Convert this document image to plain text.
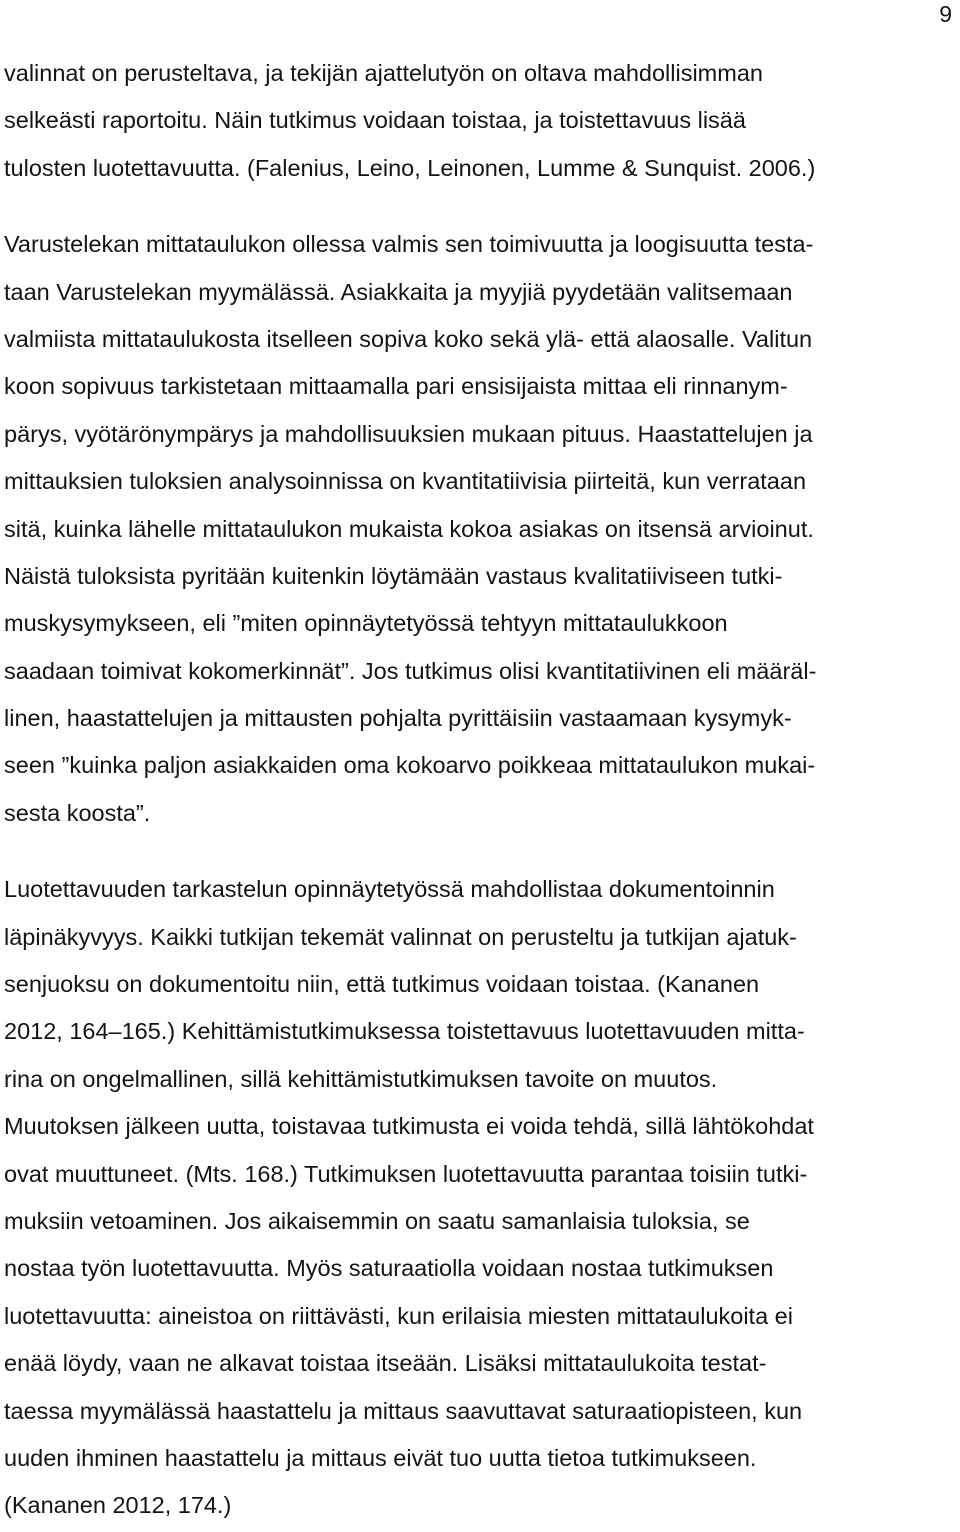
9
valinnat on perusteltava, ja tekijän ajattelutyön on oltava mahdollisimman
selkeästi raportoitu. Näin tutkimus voidaan toistaa, ja toistettavuus lisää
tulosten luotettavuutta. (Falenius, Leino, Leinonen, Lumme & Sunquist. 2006.)
Varustelekan mittataulukon ollessa valmis sen toimivuutta ja loogisuutta testa-
taan Varustelekan myymälässä. Asiakkaita ja myyjiä pyydetään valitsemaan
valmiista mittataulukosta itselleen sopiva koko sekä ylä- että alaosalle. Valitun
koon sopivuus tarkistetaan mittaamalla pari ensisijaista mittaa eli rinnanym-
pärys, vyötärönympärys ja mahdollisuuksien mukaan pituus. Haastattelujen ja
mittauksien tuloksien analysoinnissa on kvantitatiivisia piirteitä, kun verrataan
sitä, kuinka lähelle mittataulukon mukaista kokoa asiakas on itsensä arvioinut.
Näistä tuloksista pyritään kuitenkin löytämään vastaus kvalitatiiviseen tutki-
muskysymykseen, eli ”miten opinnäytetyössä tehtyyn mittataulukkoon
saadaan toimivat kokomerkinnät”. Jos tutkimus olisi kvantitatiivinen eli määräl-
linen, haastattelujen ja mittausten pohjalta pyrittäisiin vastaamaan kysymyk-
seen ”kuinka paljon asiakkaiden oma kokoarvo poikkeaa mittataulukon mukai-
sesta koosta”.
Luotettavuuden tarkastelun opinnäytetyössä mahdollistaa dokumentoinnin
läpinäkyvyys. Kaikki tutkijan tekemät valinnat on perusteltu ja tutkijan ajatuk-
senjuoksu on dokumentoitu niin, että tutkimus voidaan toistaa. (Kananen
2012, 164–165.) Kehittämistutkimuksessa toistettavuus luotettavuuden mitta-
rina on ongelmallinen, sillä kehittämistutkimuksen tavoite on muutos.
Muutoksen jälkeen uutta, toistavaa tutkimusta ei voida tehdä, sillä lähtökohdat
ovat muuttuneet. (Mts. 168.) Tutkimuksen luotettavuutta parantaa toisiin tutki-
muksiin vetoaminen. Jos aikaisemmin on saatu samanlaisia tuloksia, se
nostaa työn luotettavuutta. Myös saturaatiolla voidaan nostaa tutkimuksen
luotettavuutta: aineistoa on riittävästi, kun erilaisia miesten mittataulukoita ei
enää löydy, vaan ne alkavat toistaa itseään. Lisäksi mittataulukoita testat-
taessa myymälässä haastattelu ja mittaus saavuttavat saturaatiopisteen, kun
uuden ihminen haastattelu ja mittaus eivät tuo uutta tietoa tutkimukseen.
(Kananen 2012, 174.)
